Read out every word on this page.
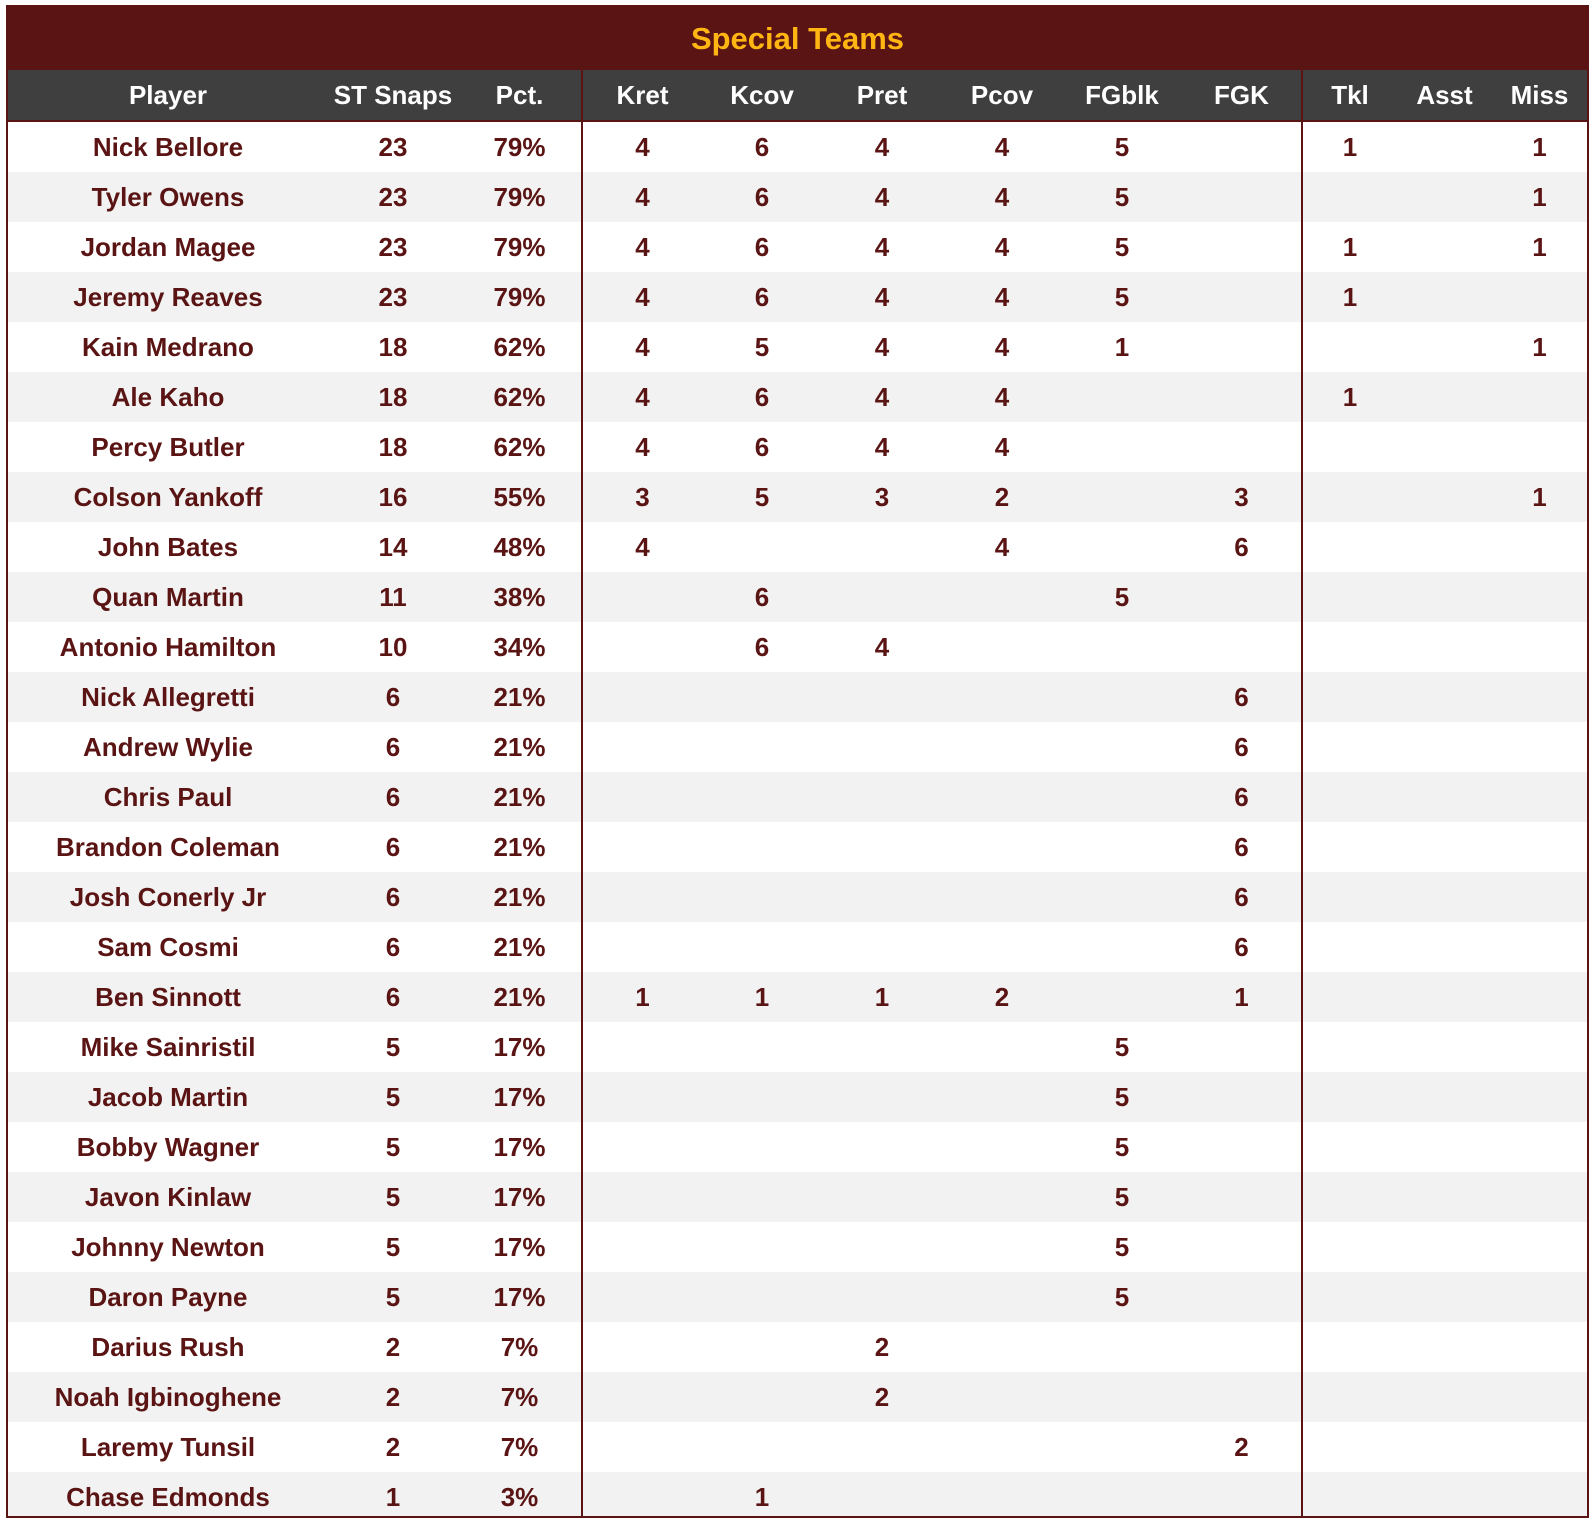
Special Teams
Player	ST Snaps	Pct.	Kret	Kcov	Pret	Pcov	FGblk	FGK	Tkl	Asst	Miss
Nick Bellore	23	79%	4	6	4	4	5		1		1
Tyler Owens	23	79%	4	6	4	4	5				1
Jordan Magee	23	79%	4	6	4	4	5		1		1
Jeremy Reaves	23	79%	4	6	4	4	5		1		
Kain Medrano	18	62%	4	5	4	4	1				1
Ale Kaho	18	62%	4	6	4	4			1		
Percy Butler	18	62%	4	6	4	4					
Colson Yankoff	16	55%	3	5	3	2		3			1
John Bates	14	48%	4			4		6			
Quan Martin	11	38%		6			5				
Antonio Hamilton	10	34%		6	4						
Nick Allegretti	6	21%						6			
Andrew Wylie	6	21%						6			
Chris Paul	6	21%						6			
Brandon Coleman	6	21%						6			
Josh Conerly Jr	6	21%						6			
Sam Cosmi	6	21%						6			
Ben Sinnott	6	21%	1	1	1	2		1			
Mike Sainristil	5	17%					5				
Jacob Martin	5	17%					5				
Bobby Wagner	5	17%					5				
Javon Kinlaw	5	17%					5				
Johnny Newton	5	17%					5				
Daron Payne	5	17%					5				
Darius Rush	2	7%			2						
Noah Igbinoghene	2	7%			2						
Laremy Tunsil	2	7%						2			
Chase Edmonds	1	3%		1							
